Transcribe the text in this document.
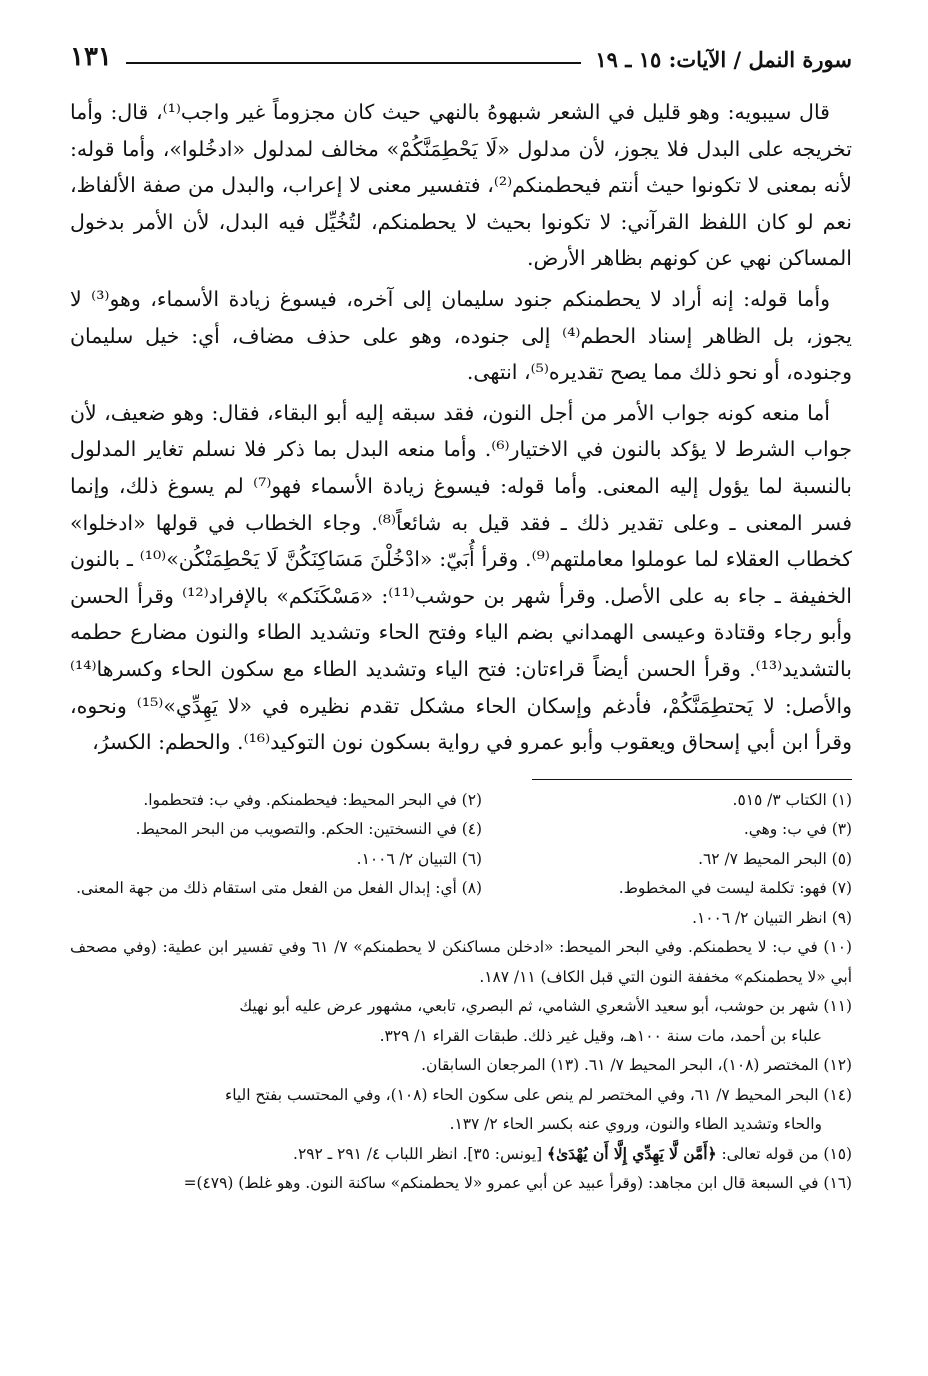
سورة النمل / الآيات: ١٥ ـ ١٩
١٣١

قال سيبويه: وهو قليل في الشعر شبهوهُ بالنهي حيث كان مجزوماً غير واجب⁽¹⁾، قال: وأما تخريجه على البدل فلا يجوز، لأن مدلول «لَا يَحْطِمَنَّكُمْ» مخالف لمدلول «ادخُلوا»، وأما قوله: لأنه بمعنى لا تكونوا حيث أنتم فيحطمنكم⁽²⁾، فتفسير معنى لا إعراب، والبدل من صفة الألفاظ، نعم لو كان اللفظ القرآني: لا تكونوا بحيث لا يحطمنكم، لتُخُيِّل فيه البدل، لأن الأمر بدخول المساكن نهي عن كونهم بظاهر الأرض.

وأما قوله: إنه أراد لا يحطمنكم جنود سليمان إلى آخره، فيسوغ زيادة الأسماء، وهو⁽³⁾ لا يجوز، بل الظاهر إسناد الحطم⁽⁴⁾ إلى جنوده، وهو على حذف مضاف، أي: خيل سليمان وجنوده، أو نحو ذلك مما يصح تقديره⁽⁵⁾، انتهى.

أما منعه كونه جواب الأمر من أجل النون، فقد سبقه إليه أبو البقاء، فقال: وهو ضعيف، لأن جواب الشرط لا يؤكد بالنون في الاختيار⁽⁶⁾. وأما منعه البدل بما ذكر فلا نسلم تغاير المدلول بالنسبة لما يؤول إليه المعنى. وأما قوله: فيسوغ زيادة الأسماء فهو⁽⁷⁾ لم يسوغ ذلك، وإنما فسر المعنى ـ وعلى تقدير ذلك ـ فقد قيل به شائعاً⁽⁸⁾. وجاء الخطاب في قولها «ادخلوا» كخطاب العقلاء لما عوملوا معاملتهم⁽⁹⁾. وقرأ أُبَيّ: «ادْخُلْنَ مَسَاكِنَكُنَّ لَا يَحْطِمَنْكُن»⁽¹⁰⁾ ـ بالنون الخفيفة ـ جاء به على الأصل. وقرأ شهر بن حوشب⁽¹¹⁾: «مَسْكَنَكم» بالإفراد⁽¹²⁾ وقرأ الحسن وأبو رجاء وقتادة وعيسى الهمداني بضم الياء وفتح الحاء وتشديد الطاء والنون مضارع حطمه بالتشديد⁽¹³⁾. وقرأ الحسن أيضاً قراءتان: فتح الياء وتشديد الطاء مع سكون الحاء وكسرها⁽¹⁴⁾ والأصل: لا يَحتطِمَنَّكُمْ، فأدغم وإسكان الحاء مشكل تقدم نظيره في «لا يَهِدِّي»⁽¹⁵⁾ ونحوه، وقرأ ابن أبي إسحاق ويعقوب وأبو عمرو في رواية بسكون نون التوكيد⁽¹⁶⁾. والحطم: الكسرُ،

(١) الكتاب ٣/ ٥١٥.
(٢) في البحر المحيط: فيحطمنكم. وفي ب: فتحطموا.
(٣) في ب: وهي.
(٤) في النسختين: الحكم. والتصويب من البحر المحيط.
(٥) البحر المحيط ٧/ ٦٢.
(٦) التبيان ٢/ ١٠٠٦.
(٧) فهو: تكلمة ليست في المخطوط.
(٨) أي: إبدال الفعل من الفعل متى استقام ذلك من جهة المعنى.
(٩) انظر التبيان ٢/ ١٠٠٦.
(١٠) في ب: لا يحطمنكم. وفي البحر الميحط: «ادخلن مساكنكن لا يحطمنكم» ٧/ ٦١ وفي تفسير ابن عطية: (وفي مصحف أبي «لا يحطمنكم» مخففة النون التي قبل الكاف) ١١/ ١٨٧.
(١١) شهر بن حوشب، أبو سعيد الأشعري الشامي، ثم البصري، تابعي، مشهور عرض عليه أبو نهيك
علباء بن أحمد، مات سنة ١٠٠هـ، وقيل غير ذلك. طبقات القراء ١/ ٣٢٩.
(١٢) المختصر (١٠٨)، البحر المحيط ٧/ ٦١. (١٣) المرجعان السابقان.
(١٤) البحر المحيط ٧/ ٦١، وفي المختصر لم ينص على سكون الحاء (١٠٨)، وفي المحتسب بفتح الياء
والحاء وتشديد الطاء والنون، وروي عنه بكسر الحاء ٢/ ١٣٧.
(١٥) من قوله تعالى: ﴿أَمَّن لَّا يَهِدِّي إِلَّا أَن يُهْدَىٰ﴾ [يونس: ٣٥]. انظر اللباب ٤/ ٢٩١ ـ ٢٩٢.
(١٦) في السبعة قال ابن مجاهد: (وقرأ عبيد عن أبي عمرو «لا يحطمنكم» ساكنة النون. وهو غلط) (٤٧٩)=
